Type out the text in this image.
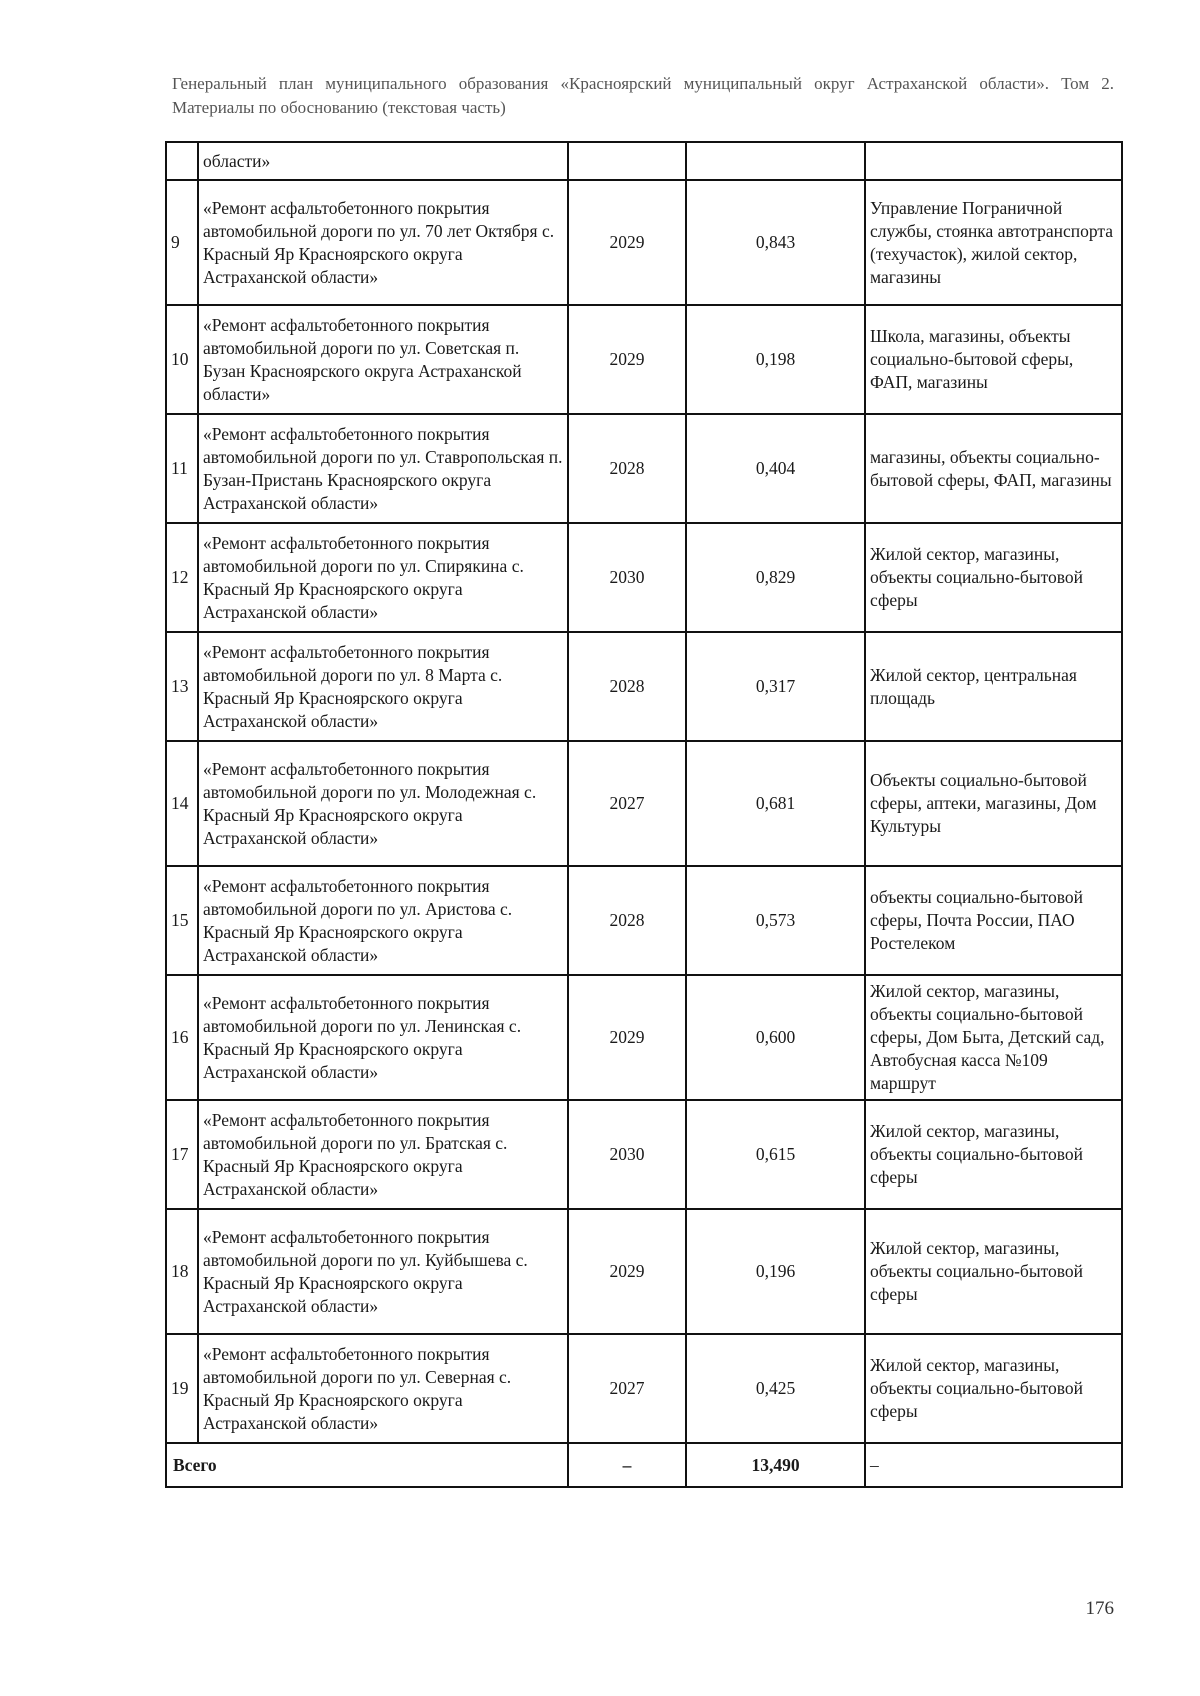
Генеральный план муниципального образования «Красноярский муниципальный округ Астраханской области». Том 2. Материалы по обоснованию (текстовая часть)
	области»			
9	«Ремонт асфальтобетонного покрытия автомобильной дороги по ул. 70 лет Октября с. Красный Яр Красноярского округа Астраханской области»	2029	0,843	Управление Пограничной службы, стоянка автотранспорта (техучасток), жилой сектор, магазины
10	«Ремонт асфальтобетонного покрытия автомобильной дороги по ул. Советская п. Бузан Красноярского округа Астраханской области»	2029	0,198	Школа, магазины, объекты социально-бытовой сферы, ФАП, магазины
11	«Ремонт асфальтобетонного покрытия автомобильной дороги по ул. Ставропольская п. Бузан-Пристань Красноярского округа Астраханской области»	2028	0,404	магазины, объекты социально-бытовой сферы, ФАП, магазины
12	«Ремонт асфальтобетонного покрытия автомобильной дороги по ул. Спирякина с. Красный Яр Красноярского округа Астраханской области»	2030	0,829	Жилой сектор, магазины, объекты социально-бытовой сферы
13	«Ремонт асфальтобетонного покрытия автомобильной дороги по ул. 8 Марта с. Красный Яр Красноярского округа Астраханской области»	2028	0,317	Жилой сектор, центральная площадь
14	«Ремонт асфальтобетонного покрытия автомобильной дороги по ул. Молодежная с. Красный Яр Красноярского округа Астраханской области»	2027	0,681	Объекты социально-бытовой сферы, аптеки, магазины, Дом Культуры
15	«Ремонт асфальтобетонного покрытия автомобильной дороги по ул. Аристова с. Красный Яр Красноярского округа Астраханской области»	2028	0,573	объекты социально-бытовой сферы, Почта России, ПАО Ростелеком
16	«Ремонт асфальтобетонного покрытия автомобильной дороги по ул. Ленинская с. Красный Яр Красноярского округа Астраханской области»	2029	0,600	Жилой сектор, магазины, объекты социально-бытовой сферы, Дом Быта, Детский сад, Автобусная касса №109 маршрут
17	«Ремонт асфальтобетонного покрытия автомобильной дороги по ул. Братская с. Красный Яр Красноярского округа Астраханской области»	2030	0,615	Жилой сектор, магазины, объекты социально-бытовой сферы
18	«Ремонт асфальтобетонного покрытия автомобильной дороги по ул. Куйбышева с. Красный Яр Красноярского округа Астраханской области»	2029	0,196	Жилой сектор, магазины, объекты социально-бытовой сферы
19	«Ремонт асфальтобетонного покрытия автомобильной дороги по ул. Северная с. Красный Яр Красноярского округа Астраханской области»	2027	0,425	Жилой сектор, магазины, объекты социально-бытовой сферы
Всего		–	13,490	–
176
